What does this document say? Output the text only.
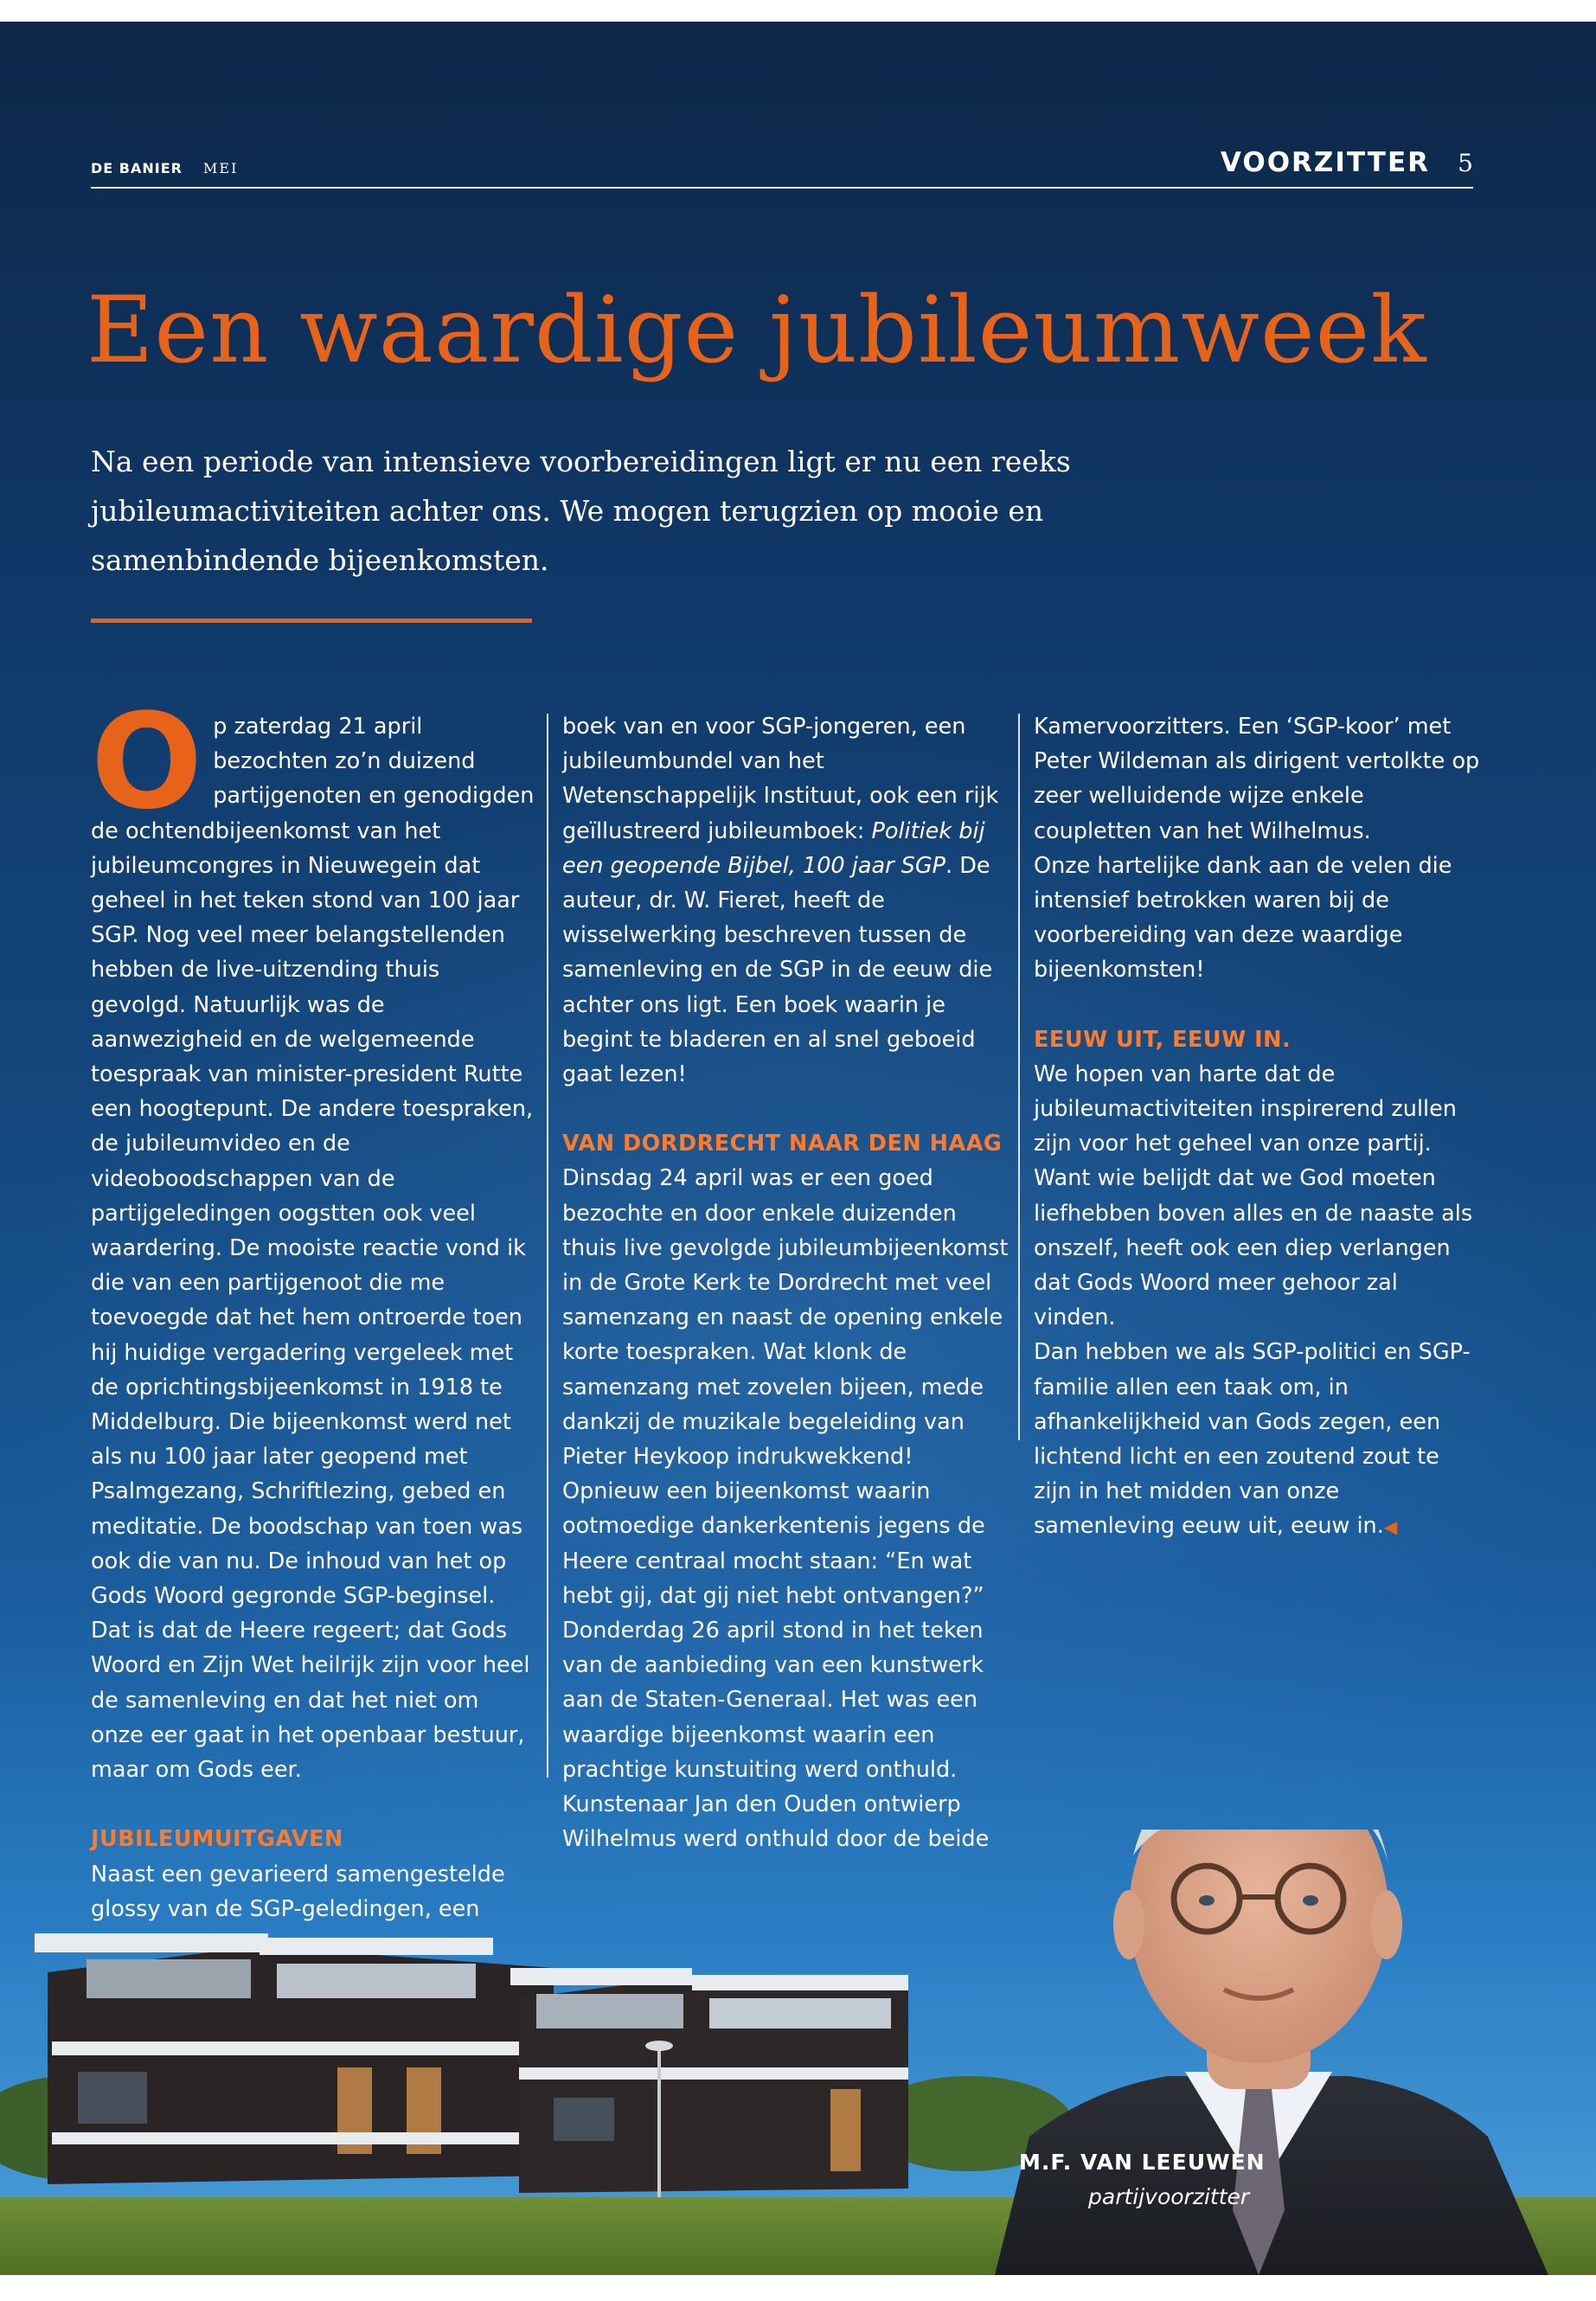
DE BANIER MEI	VOORZITTER 5
Een waardige jubileumweek
Na een periode van intensieve voorbereidingen ligt er nu een reeks jubileumactiviteiten achter ons. We mogen terugzien op mooie en samenbindende bijeenkomsten.

Op zaterdag 21 april bezochten zo’n duizend partijgenoten en genodigden de ochtendbijeenkomst van het jubileumcongres in Nieuwegein dat geheel in het teken stond van 100 jaar SGP. Nog veel meer belangstellenden hebben de live-uitzending thuis gevolgd. Natuurlijk was de aanwezigheid en de welgemeende toespraak van minister-president Rutte een hoogtepunt. De andere toespraken, de jubileumvideo en de videoboodschappen van de partijgeledingen oogstten ook veel waardering. De mooiste reactie vond ik die van een partijgenoot die me toevoegde dat het hem ontroerde toen hij huidige vergadering vergeleek met de oprichtingsbijeenkomst in 1918 te Middelburg. Die bijeenkomst werd net als nu 100 jaar later geopend met Psalmgezang, Schriftlezing, gebed en meditatie. De boodschap van toen was ook die van nu. De inhoud van het op Gods Woord gegronde SGP-beginsel. Dat is dat de Heere regeert; dat Gods Woord en Zijn Wet heilrijk zijn voor heel de samenleving en dat het niet om onze eer gaat in het openbaar bestuur, maar om Gods eer.

JUBILEUMUITGAVEN

Naast een gevarieerd samengestelde glossy van de SGP-geledingen, een

boek van en voor SGP-jongeren, een jubileumbundel van het Wetenschappelijk Instituut, ook een rijk geïllustreerd jubileumboek: Politiek bij een geopende Bijbel, 100 jaar SGP. De auteur, dr. W. Fieret, heeft de wisselwerking beschreven tussen de samenleving en de SGP in de eeuw die achter ons ligt. Een boek waarin je begint te bladeren en al snel geboeid gaat lezen!

VAN DORDRECHT NAAR DEN HAAG

Dinsdag 24 april was er een goed bezochte en door enkele duizenden thuis live gevolgde jubileumbijeenkomst in de Grote Kerk te Dordrecht met veel samenzang en naast de opening enkele korte toespraken. Wat klonk de samenzang met zovelen bijeen, mede dankzij de muzikale begeleiding van Pieter Heykoop indrukwekkend! Opnieuw een bijeenkomst waarin ootmoedige dankerkentenis jegens de Heere centraal mocht staan: “En wat hebt gij, dat gij niet hebt ontvangen?”

Donderdag 26 april stond in het teken van de aanbieding van een kunstwerk aan de Staten-Generaal. Het was een waardige bijeenkomst waarin een prachtige kunstuiting werd onthuld. Kunstenaar Jan den Ouden ontwierp Wilhelmus werd onthuld door de beide

Kamervoorzitters. Een ‘SGP-koor’ met Peter Wildeman als dirigent vertolkte op zeer welluidende wijze enkele coupletten van het Wilhelmus.

Onze hartelijke dank aan de velen die intensief betrokken waren bij de voorbereiding van deze waardige bijeenkomsten!

EEUW UIT, EEUW IN.

We hopen van harte dat de jubileumactiviteiten inspirerend zullen zijn voor het geheel van onze partij. Want wie belijdt dat we God moeten liefhebben boven alles en de naaste als onszelf, heeft ook een diep verlangen dat Gods Woord meer gehoor zal vinden.

Dan hebben we als SGP-politici en SGP-familie allen een taak om, in afhankelijkheid van Gods zegen, een lichtend licht en een zoutend zout te zijn in het midden van onze samenleving eeuw uit, eeuw in.◀

M.F. VAN LEEUWEN
partijvoorzitter
